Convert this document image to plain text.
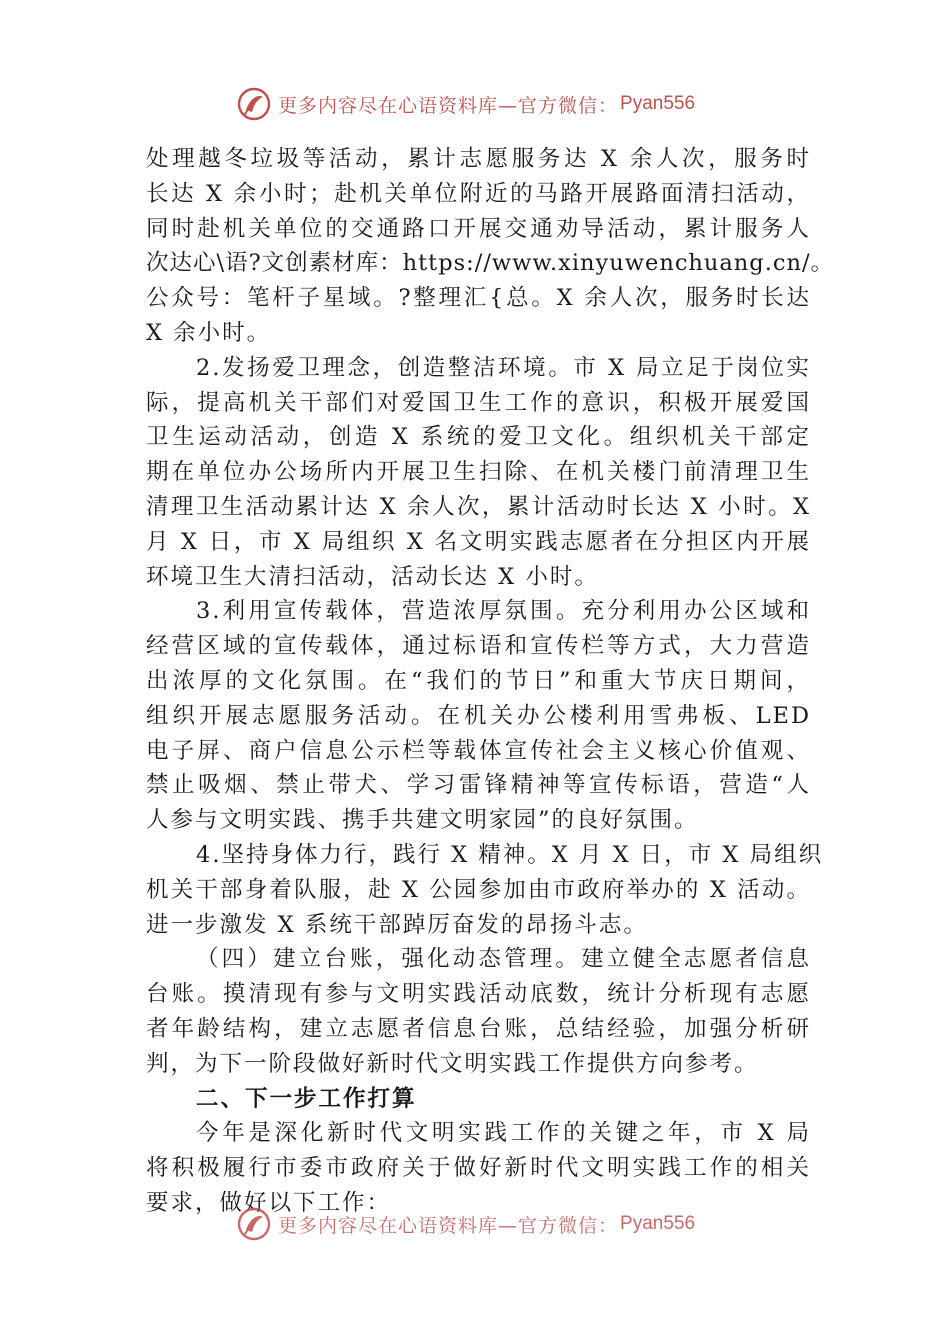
更多内容尽在心语资料库—官方微信： Pyan556
处理越冬垃圾等活动，累计志愿服务达 X 余人次，服务时
长达 X 余小时；赴机关单位附近的马路开展路面清扫活动，
同时赴机关单位的交通路口开展交通劝导活动，累计服务人
次达心\语?文创素材库：https://www.xinyuwenchuang.cn/。
公众号：笔杆子星域。?整理汇{总。X 余人次，服务时长达
X 余小时。
2.发扬爱卫理念，创造整洁环境。市 X 局立足于岗位实
际，提高机关干部们对爱国卫生工作的意识，积极开展爱国
卫生运动活动，创造 X 系统的爱卫文化。组织机关干部定
期在单位办公场所内开展卫生扫除、在机关楼门前清理卫生
清理卫生活动累计达 X 余人次，累计活动时长达 X 小时。X
月 X 日，市 X 局组织 X 名文明实践志愿者在分担区内开展
环境卫生大清扫活动，活动长达 X 小时。
3.利用宣传载体，营造浓厚氛围。充分利用办公区域和
经营区域的宣传载体，通过标语和宣传栏等方式，大力营造
出浓厚的文化氛围。在“我们的节日”和重大节庆日期间，
组织开展志愿服务活动。在机关办公楼利用雪弗板、LED
电子屏、商户信息公示栏等载体宣传社会主义核心价值观、
禁止吸烟、禁止带犬、学习雷锋精神等宣传标语，营造“人
人参与文明实践、携手共建文明家园”的良好氛围。
4.坚持身体力行，践行 X 精神。X 月 X 日，市 X 局组织
机关干部身着队服，赴 X 公园参加由市政府举办的 X 活动。
进一步激发 X 系统干部踔厉奋发的昂扬斗志。
（四）建立台账，强化动态管理。建立健全志愿者信息
台账。摸清现有参与文明实践活动底数，统计分析现有志愿
者年龄结构，建立志愿者信息台账，总结经验，加强分析研
判，为下一阶段做好新时代文明实践工作提供方向参考。
二、下一步工作打算
今年是深化新时代文明实践工作的关键之年，市 X 局
将积极履行市委市政府关于做好新时代文明实践工作的相关
要求，做好以下工作：
更多内容尽在心语资料库—官方微信： Pyan556
